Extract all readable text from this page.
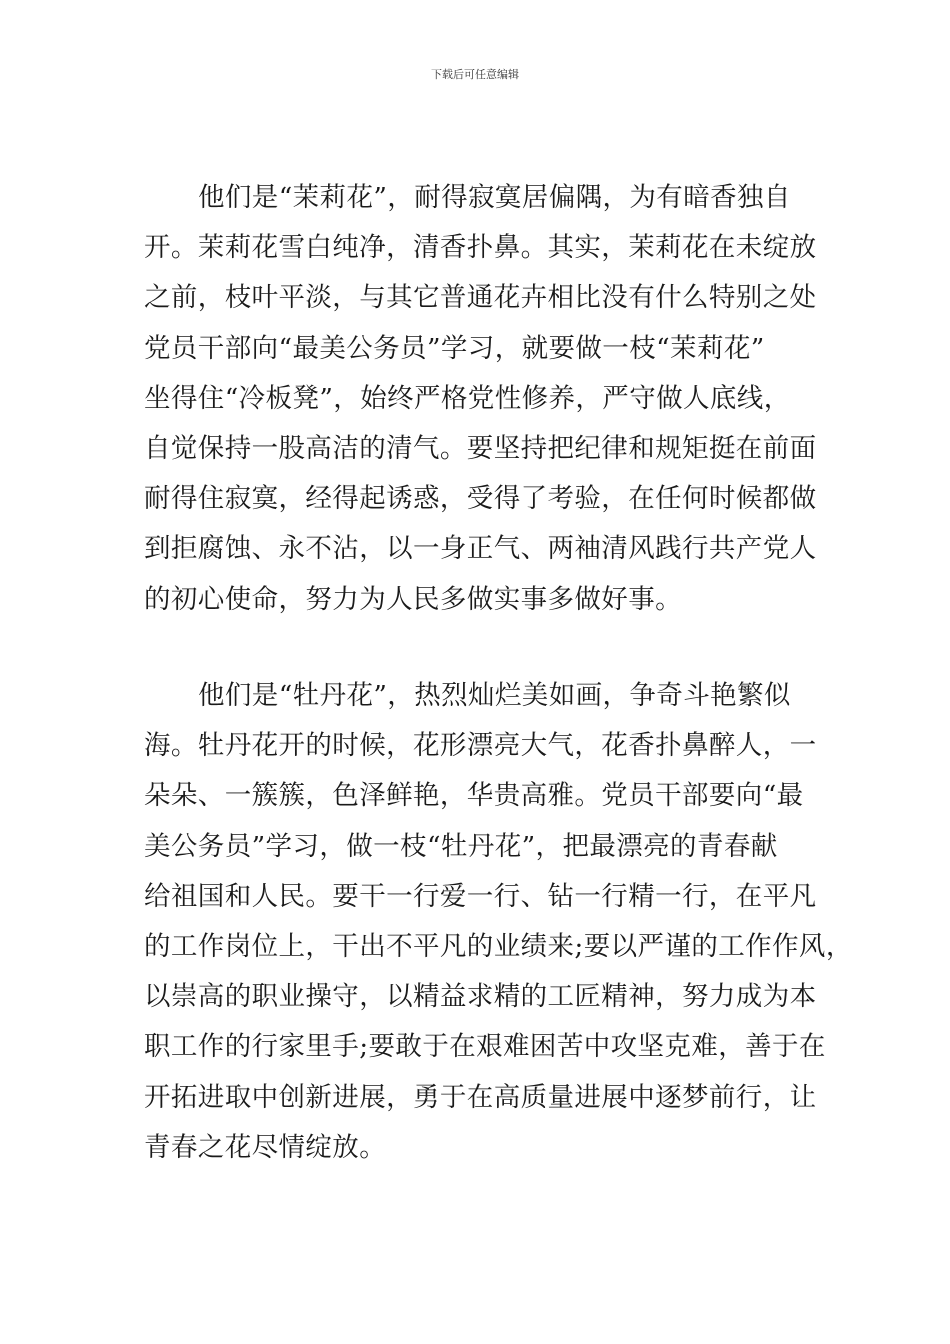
下载后可任意编辑
他们是“茉莉花”，耐得寂寞居偏隅，为有暗香独自
开。茉莉花雪白纯净，清香扑鼻。其实，茉莉花在未绽放
之前，枝叶平淡，与其它普通花卉相比没有什么特别之处
党员干部向“最美公务员”学习，就要做一枝“茉莉花”
坐得住“冷板凳”，始终严格党性修养，严守做人底线，
自觉保持一股高洁的清气。要坚持把纪律和规矩挺在前面
耐得住寂寞，经得起诱惑，受得了考验，在任何时候都做
到拒腐蚀、永不沾，以一身正气、两袖清风践行共产党人
的初心使命，努力为人民多做实事多做好事。
他们是“牡丹花”，热烈灿烂美如画，争奇斗艳繁似
海。牡丹花开的时候，花形漂亮大气，花香扑鼻醉人，一
朵朵、一簇簇，色泽鲜艳，华贵高雅。党员干部要向“最
美公务员”学习，做一枝“牡丹花”，把最漂亮的青春献
给祖国和人民。要干一行爱一行、钻一行精一行，在平凡
的工作岗位上，干出不平凡的业绩来;要以严谨的工作作风，
以崇高的职业操守，以精益求精的工匠精神，努力成为本
职工作的行家里手;要敢于在艰难困苦中攻坚克难，善于在
开拓进取中创新进展，勇于在高质量进展中逐梦前行，让
青春之花尽情绽放。
